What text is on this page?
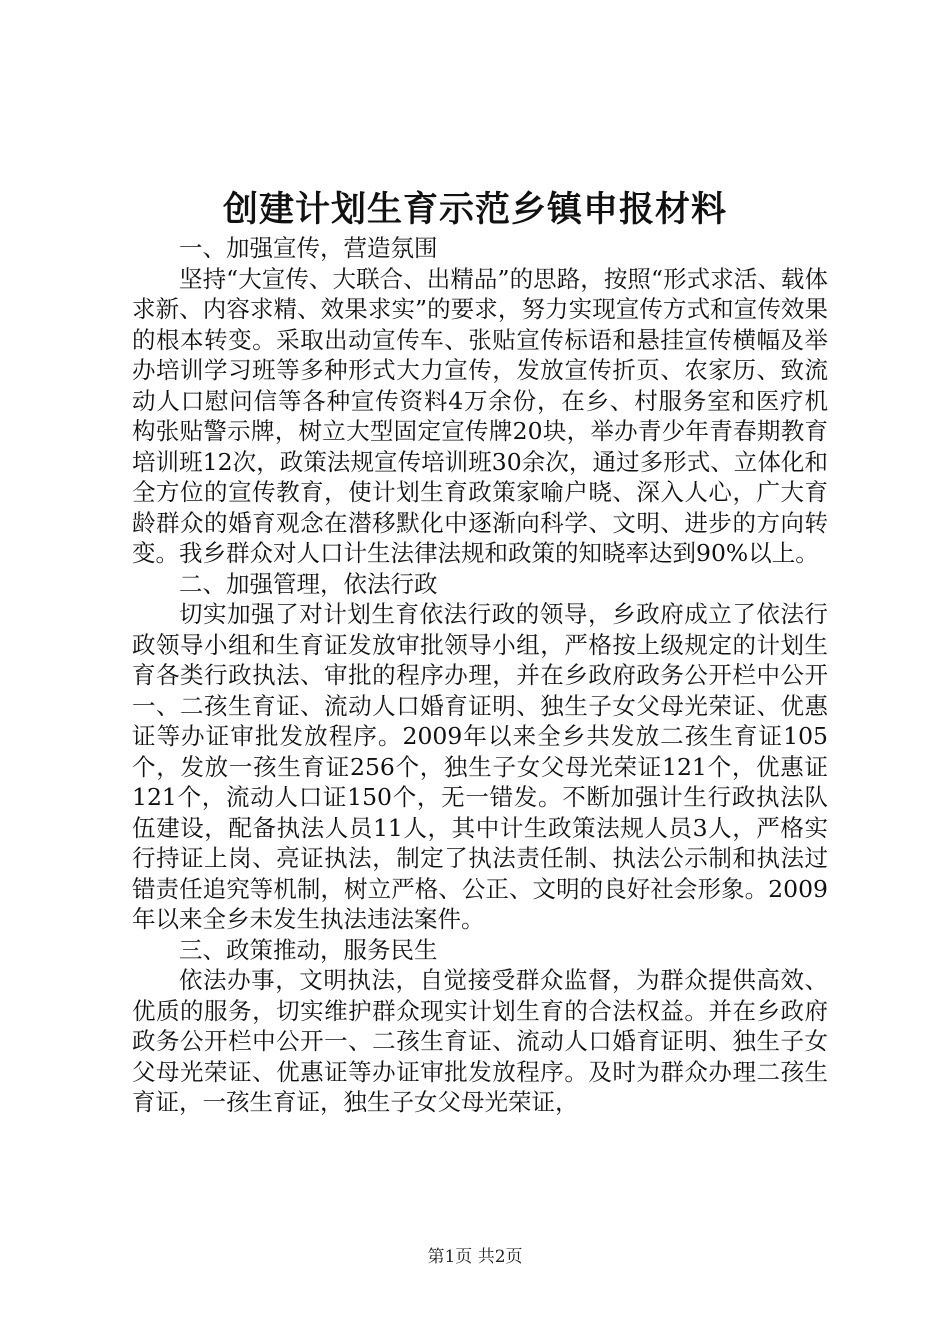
创建计划生育示范乡镇申报材料

一、加强宣传，营造氛围

坚持“大宣传、大联合、出精品”的思路，按照“形式求活、载体求新、内容求精、效果求实”的要求，努力实现宣传方式和宣传效果的根本转变。采取出动宣传车、张贴宣传标语和悬挂宣传横幅及举办培训学习班等多种形式大力宣传，发放宣传折页、农家历、致流动人口慰问信等各种宣传资料4万余份，在乡、村服务室和医疗机构张贴警示牌，树立大型固定宣传牌20块，举办青少年青春期教育培训班12次，政策法规宣传培训班30余次，通过多形式、立体化和全方位的宣传教育，使计划生育政策家喻户晓、深入人心，广大育龄群众的婚育观念在潜移默化中逐渐向科学、文明、进步的方向转变。我乡群众对人口计生法律法规和政策的知晓率达到90%以上。

二、加强管理，依法行政

切实加强了对计划生育依法行政的领导，乡政府成立了依法行政领导小组和生育证发放审批领导小组，严格按上级规定的计划生育各类行政执法、审批的程序办理，并在乡政府政务公开栏中公开一、二孩生育证、流动人口婚育证明、独生子女父母光荣证、优惠证等办证审批发放程序。2009年以来全乡共发放二孩生育证105个，发放一孩生育证256个，独生子女父母光荣证121个，优惠证121个，流动人口证150个，无一错发。不断加强计生行政执法队伍建设，配备执法人员11人，其中计生政策法规人员3人，严格实行持证上岗、亮证执法，制定了执法责任制、执法公示制和执法过错责任追究等机制，树立严格、公正、文明的良好社会形象。2009年以来全乡未发生执法违法案件。

三、政策推动，服务民生

依法办事，文明执法，自觉接受群众监督，为群众提供高效、优质的服务，切实维护群众现实计划生育的合法权益。并在乡政府政务公开栏中公开一、二孩生育证、流动人口婚育证明、独生子女父母光荣证、优惠证等办证审批发放程序。及时为群众办理二孩生育证，一孩生育证，独生子女父母光荣证，

第1页 共2页
